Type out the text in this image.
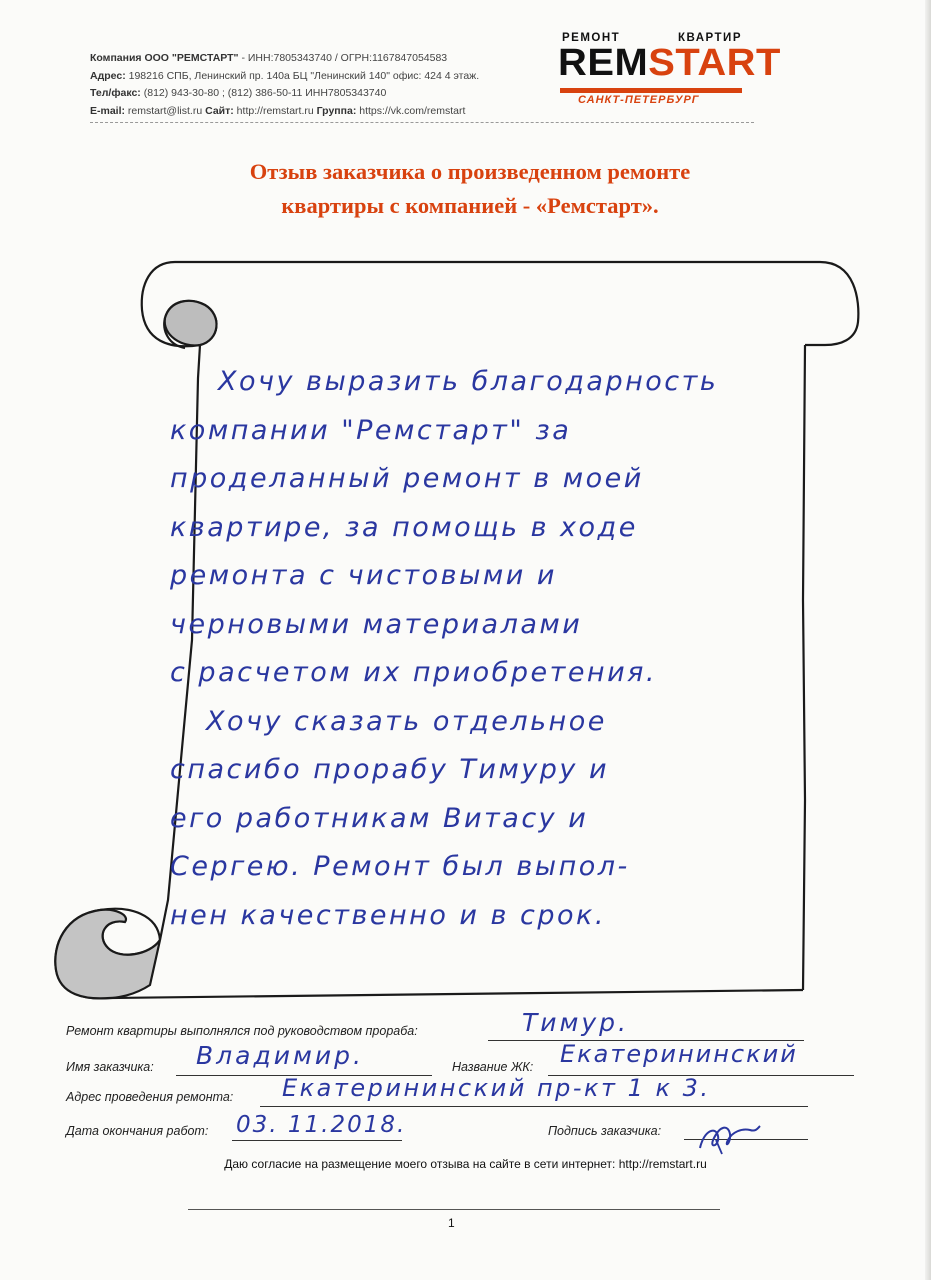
Компания ООО "РЕМСТАРТ" - ИНН:7805343740 / ОГРН:1167847054583
Адрес: 198216 СПБ, Ленинский пр. 140а БЦ "Ленинский 140" офис: 424 4 этаж.
Тел/факс: (812) 943-30-80 ; (812) 386-50-11 ИНН7805343740
E-mail: remstart@list.ru Сайт: http://remstart.ru Группа: https://vk.com/remstart
РЕМОНТ	КВАРТИР
REMSTART
САНКТ-ПЕТЕРБУРГ
Отзыв заказчика о произведенном ремонте
квартиры с компанией - «Ремстарт».

Хочу выразить благодарность

компании "Ремстарт" за

проделанный ремонт в моей

квартире, за помощь в ходе

ремонта с чистовыми и

черновыми материалами

с расчетом их приобретения.

Хочу сказать отдельное

спасибо прорабу Тимуру и

его работникам Витасу и

Сергею. Ремонт был выпол-

нен качественно и в срок.

Ремонт квартиры выполнялся под руководством прораба:	Тимур.
Имя заказчика: Владимир.	Название ЖК: Екатерининский
Адрес проведения ремонта: Екатерининский пр-кт 1 к 3.
Дата окончания работ: 03. 11.2018.	Подпись заказчика:
Даю согласие на размещение моего отзыва на сайте в сети интернет: http://remstart.ru
1
